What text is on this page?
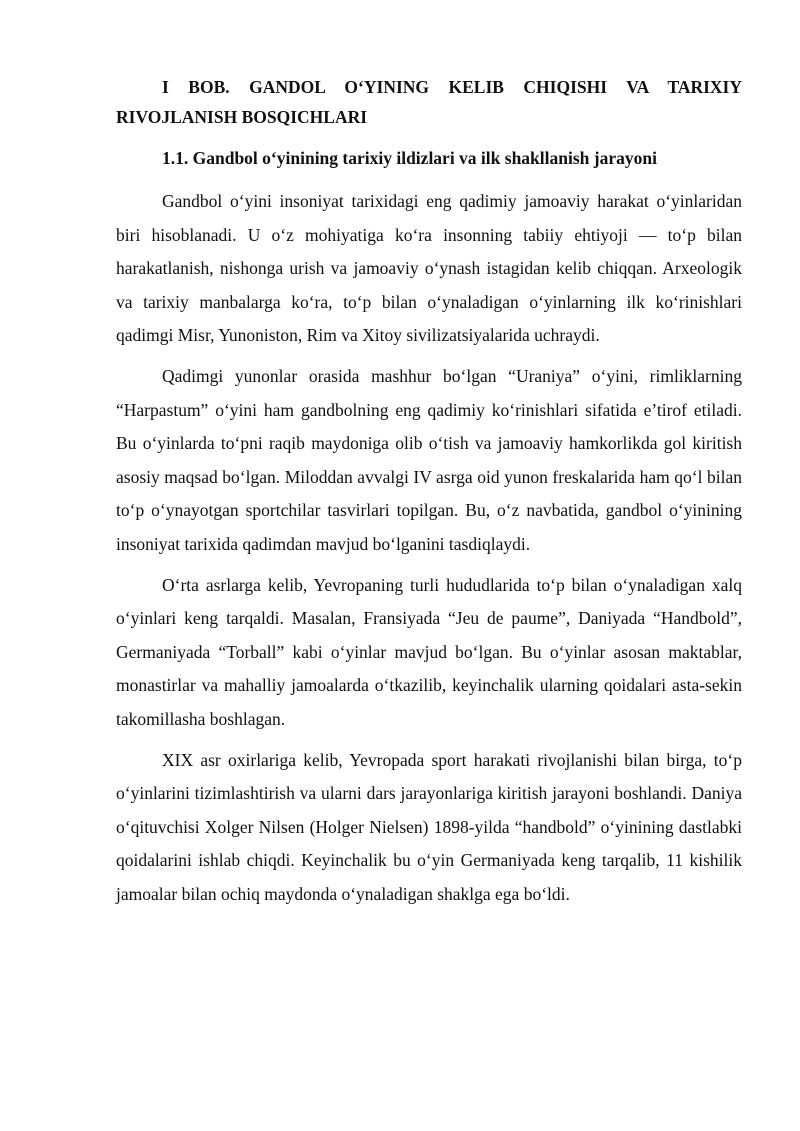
I BOB. GANDOL O‘YINING KELIB CHIQISHI VA TARIXIY RIVOJLANISH BOSQICHLARI
1.1. Gandbol o‘yinining tarixiy ildizlari va ilk shakllanish jarayoni

Gandbol o‘yini insoniyat tarixidagi eng qadimiy jamoaviy harakat o‘yinlaridan biri hisoblanadi. U o‘z mohiyatiga ko‘ra insonning tabiiy ehtiyoji — to‘p bilan harakatlanish, nishonga urish va jamoaviy o‘ynash istagidan kelib chiqqan. Arxeologik va tarixiy manbalarga ko‘ra, to‘p bilan o‘ynaladigan o‘yinlarning ilk ko‘rinishlari qadimgi Misr, Yunoniston, Rim va Xitoy sivilizatsiyalarida uchraydi.

Qadimgi yunonlar orasida mashhur bo‘lgan “Uraniya” o‘yini, rimliklarning “Harpastum” o‘yini ham gandbolning eng qadimiy ko‘rinishlari sifatida e’tirof etiladi. Bu o‘yinlarda to‘pni raqib maydoniga olib o‘tish va jamoaviy hamkorlikda gol kiritish asosiy maqsad bo‘lgan. Miloddan avvalgi IV asrga oid yunon freskalarida ham qo‘l bilan to‘p o‘ynayotgan sportchilar tasvirlari topilgan. Bu, o‘z navbatida, gandbol o‘yinining insoniyat tarixida qadimdan mavjud bo‘lganini tasdiqlaydi.

O‘rta asrlarga kelib, Yevropaning turli hududlarida to‘p bilan o‘ynaladigan xalq o‘yinlari keng tarqaldi. Masalan, Fransiyada “Jeu de paume”, Daniyada “Handbold”, Germaniyada “Torball” kabi o‘yinlar mavjud bo‘lgan. Bu o‘yinlar asosan maktablar, monastirlar va mahalliy jamoalarda o‘tkazilib, keyinchalik ularning qoidalari asta-sekin takomillasha boshlagan.

XIX asr oxirlariga kelib, Yevropada sport harakati rivojlanishi bilan birga, to‘p o‘yinlarini tizimlashtirish va ularni dars jarayonlariga kiritish jarayoni boshlandi. Daniya o‘qituvchisi Xolger Nilsen (Holger Nielsen) 1898-yilda “handbold” o‘yinining dastlabki qoidalarini ishlab chiqdi. Keyinchalik bu o‘yin Germaniyada keng tarqalib, 11 kishilik jamoalar bilan ochiq maydonda o‘ynaladigan shaklga ega bo‘ldi.
